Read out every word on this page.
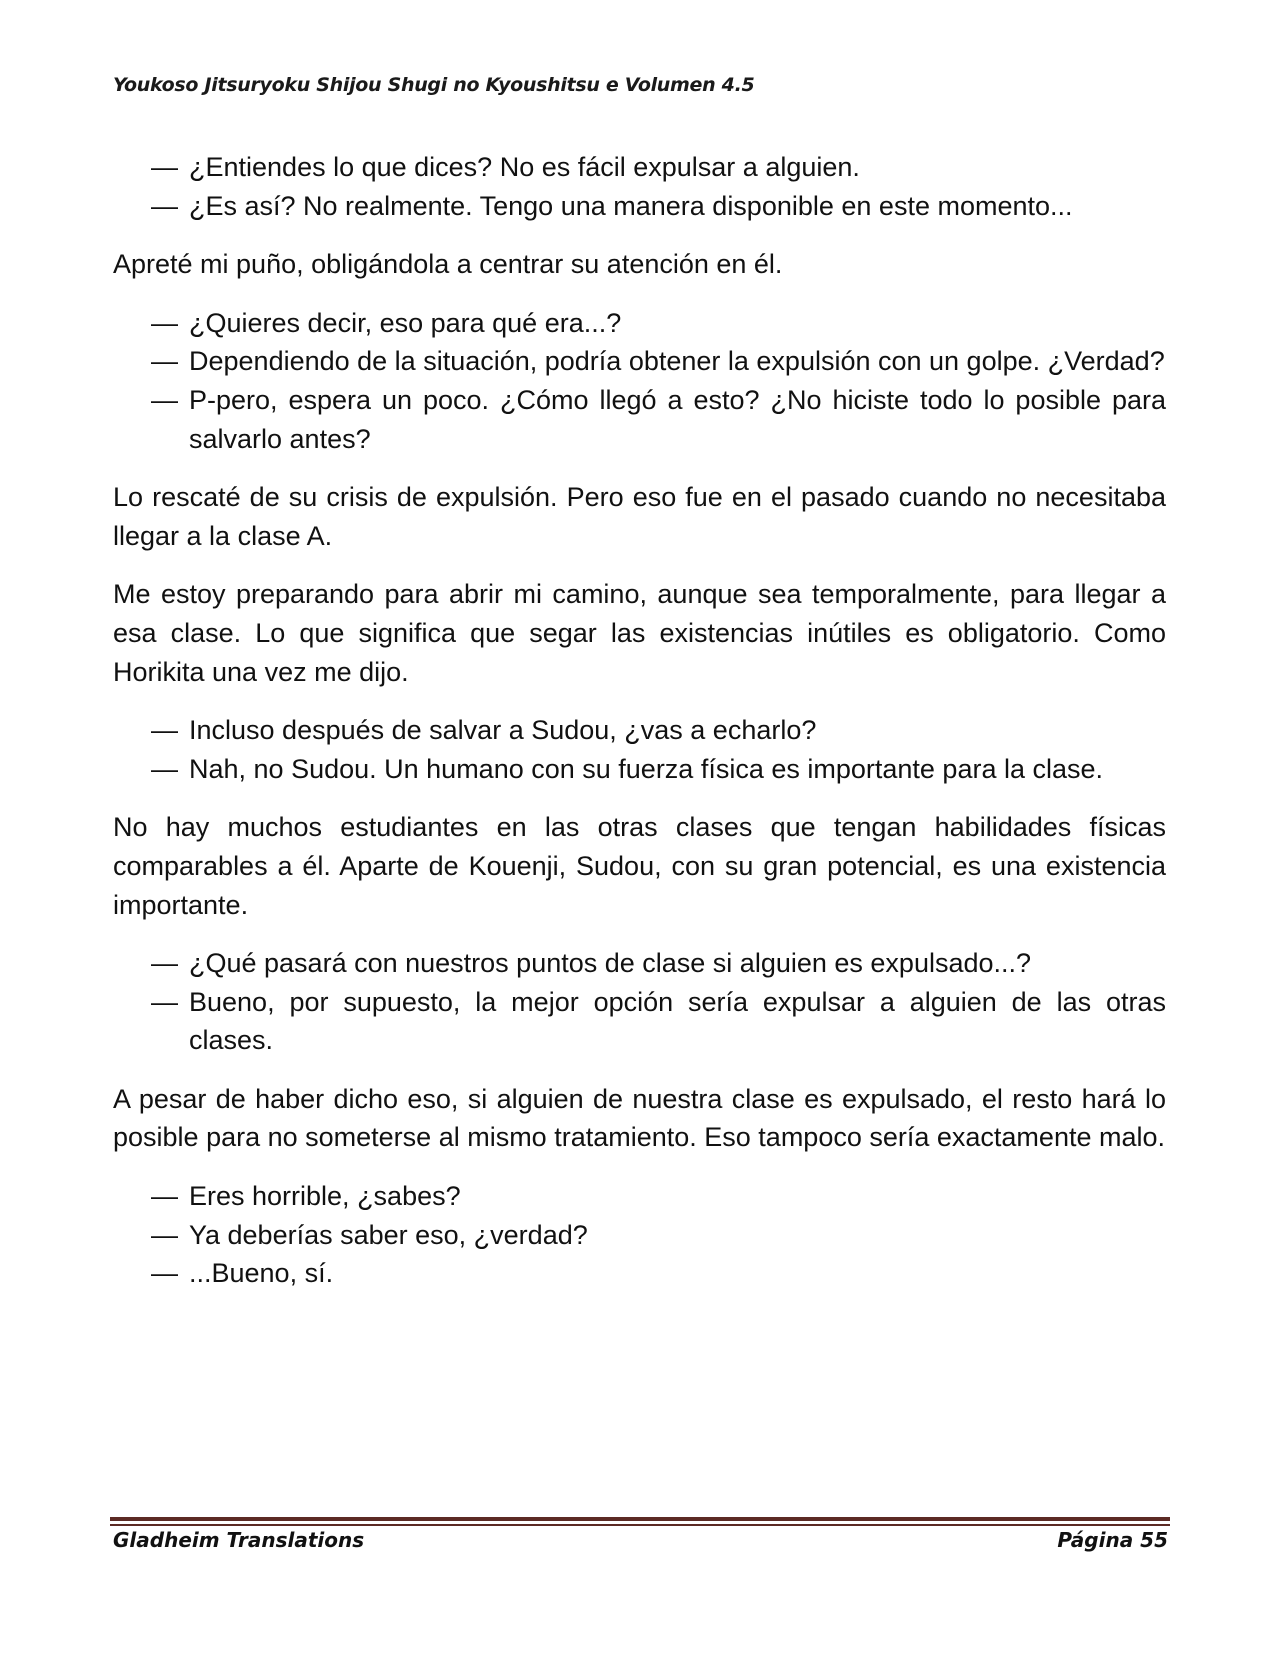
Youkoso Jitsuryoku Shijou Shugi no Kyoushitsu e Volumen 4.5
— ¿Entiendes lo que dices? No es fácil expulsar a alguien.
— ¿Es así? No realmente. Tengo una manera disponible en este momento...

Apreté mi puño, obligándola a centrar su atención en él.

— ¿Quieres decir, eso para qué era...?
— Dependiendo de la situación, podría obtener la expulsión con un golpe. ¿Verdad?
— P-pero, espera un poco. ¿Cómo llegó a esto? ¿No hiciste todo lo posible para salvarlo antes?

Lo rescaté de su crisis de expulsión. Pero eso fue en el pasado cuando no necesitaba llegar a la clase A.

Me estoy preparando para abrir mi camino, aunque sea temporalmente, para llegar a esa clase. Lo que significa que segar las existencias inútiles es obligatorio. Como Horikita una vez me dijo.

— Incluso después de salvar a Sudou, ¿vas a echarlo?
— Nah, no Sudou. Un humano con su fuerza física es importante para la clase.

No hay muchos estudiantes en las otras clases que tengan habilidades físicas comparables a él. Aparte de Kouenji, Sudou, con su gran potencial, es una existencia importante.

— ¿Qué pasará con nuestros puntos de clase si alguien es expulsado...?
— Bueno, por supuesto, la mejor opción sería expulsar a alguien de las otras clases.

A pesar de haber dicho eso, si alguien de nuestra clase es expulsado, el resto hará lo posible para no someterse al mismo tratamiento. Eso tampoco sería exactamente malo.

— Eres horrible, ¿sabes?
— Ya deberías saber eso, ¿verdad?
— ...Bueno, sí.
Gladheim Translations	Página 55
